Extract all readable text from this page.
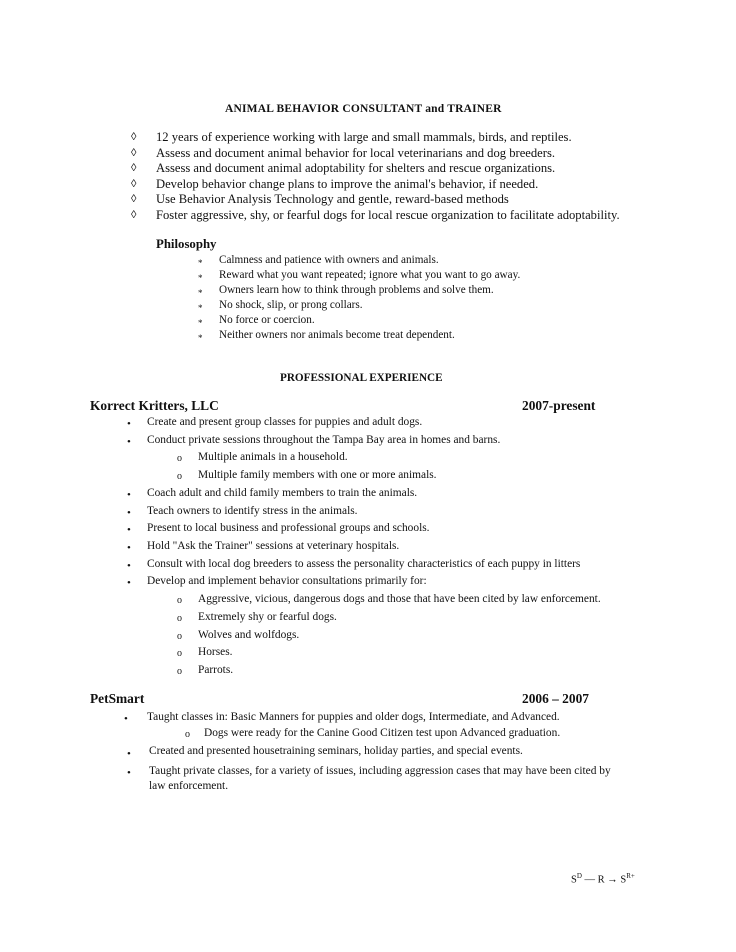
ANIMAL BEHAVIOR CONSULTANT and TRAINER
◊ 12 years of experience working with large and small mammals, birds, and reptiles.
◊ Assess and document animal behavior for local veterinarians and dog breeders.
◊ Assess and document animal adoptability for shelters and rescue organizations.
◊ Develop behavior change plans to improve the animal's behavior, if needed.
◊ Use Behavior Analysis Technology and gentle, reward-based methods
◊ Foster aggressive, shy, or fearful dogs for local rescue organization to facilitate adoptability.
Philosophy
* Calmness and patience with owners and animals.
* Reward what you want repeated; ignore what you want to go away.
* Owners learn how to think through problems and solve them.
* No shock, slip, or prong collars.
* No force or coercion.
* Neither owners nor animals become treat dependent.
PROFESSIONAL EXPERIENCE
Korrect Kritters, LLC	2007-present
• Create and present group classes for puppies and adult dogs.
• Conduct private sessions throughout the Tampa Bay area in homes and barns.
o Multiple animals in a household.
o Multiple family members with one or more animals.
• Coach adult and child family members to train the animals.
• Teach owners to identify stress in the animals.
• Present to local business and professional groups and schools.
• Hold "Ask the Trainer" sessions at veterinary hospitals.
• Consult with local dog breeders to assess the personality characteristics of each puppy in litters
• Develop and implement behavior consultations primarily for:
o Aggressive, vicious, dangerous dogs and those that have been cited by law enforcement.
o Extremely shy or fearful dogs.
o Wolves and wolfdogs.
o Horses.
o Parrots.
PetSmart	2006 – 2007
• Taught classes in: Basic Manners for puppies and older dogs, Intermediate, and Advanced.
o Dogs were ready for the Canine Good Citizen test upon Advanced graduation.
• Created and presented housetraining seminars, holiday parties, and special events.
• Taught private classes, for a variety of issues, including aggression cases that may have been cited by
law enforcement.
$S^D$ — $R \to S^{R+}$
